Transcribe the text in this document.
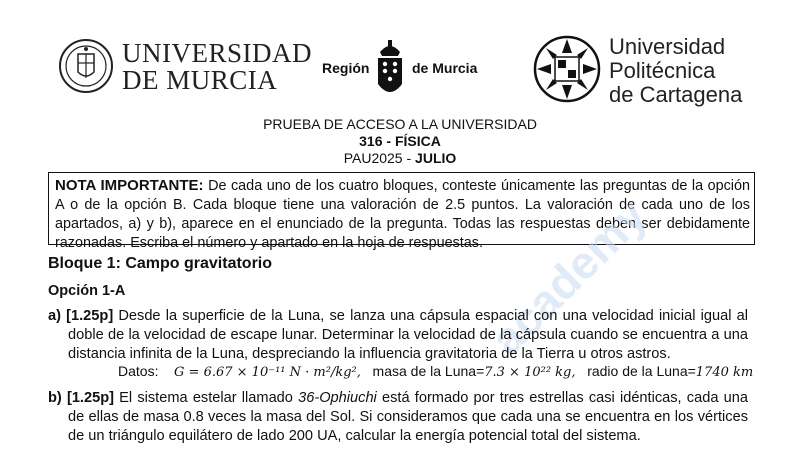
UNIVERSIDAD
DE MURCIA	Región	de Murcia
Universidad
Politécnica
de Cartagena
PRUEBA DE ACCESO A LA UNIVERSIDAD
316 - FÍSICA
PAU2025 - JULIO
NOTA IMPORTANTE: De cada uno de los cuatro bloques, conteste únicamente las preguntas de la opción A o de la opción B. Cada bloque tiene una valoración de 2.5 puntos. La valoración de cada uno de los apartados, a) y b), aparece en el enunciado de la pregunta. Todas las respuestas deben ser debidamente razonadas. Escriba el número y apartado en la hoja de respuestas.
academy
Bloque 1: Campo gravitatorio
Opción 1-A
a) [1.25p] Desde la superficie de la Luna, se lanza una cápsula espacial con una velocidad inicial igual al doble de la velocidad de escape lunar. Determinar la velocidad de la cápsula cuando se encuentra a una distancia infinita de la Luna, despreciando la influencia gravitatoria de la Tierra u otros astros.
Datos: G = 6.67 × 10⁻¹¹ N · m²/kg², masa de la Luna=7.3 × 10²² kg, radio de la Luna=1740 km
b) [1.25p] El sistema estelar llamado 36-Ophiuchi está formado por tres estrellas casi idénticas, cada una de ellas de masa 0.8 veces la masa del Sol. Si consideramos que cada una se encuentra en los vértices de un triángulo equilátero de lado 200 UA, calcular la energía potencial total del sistema.
